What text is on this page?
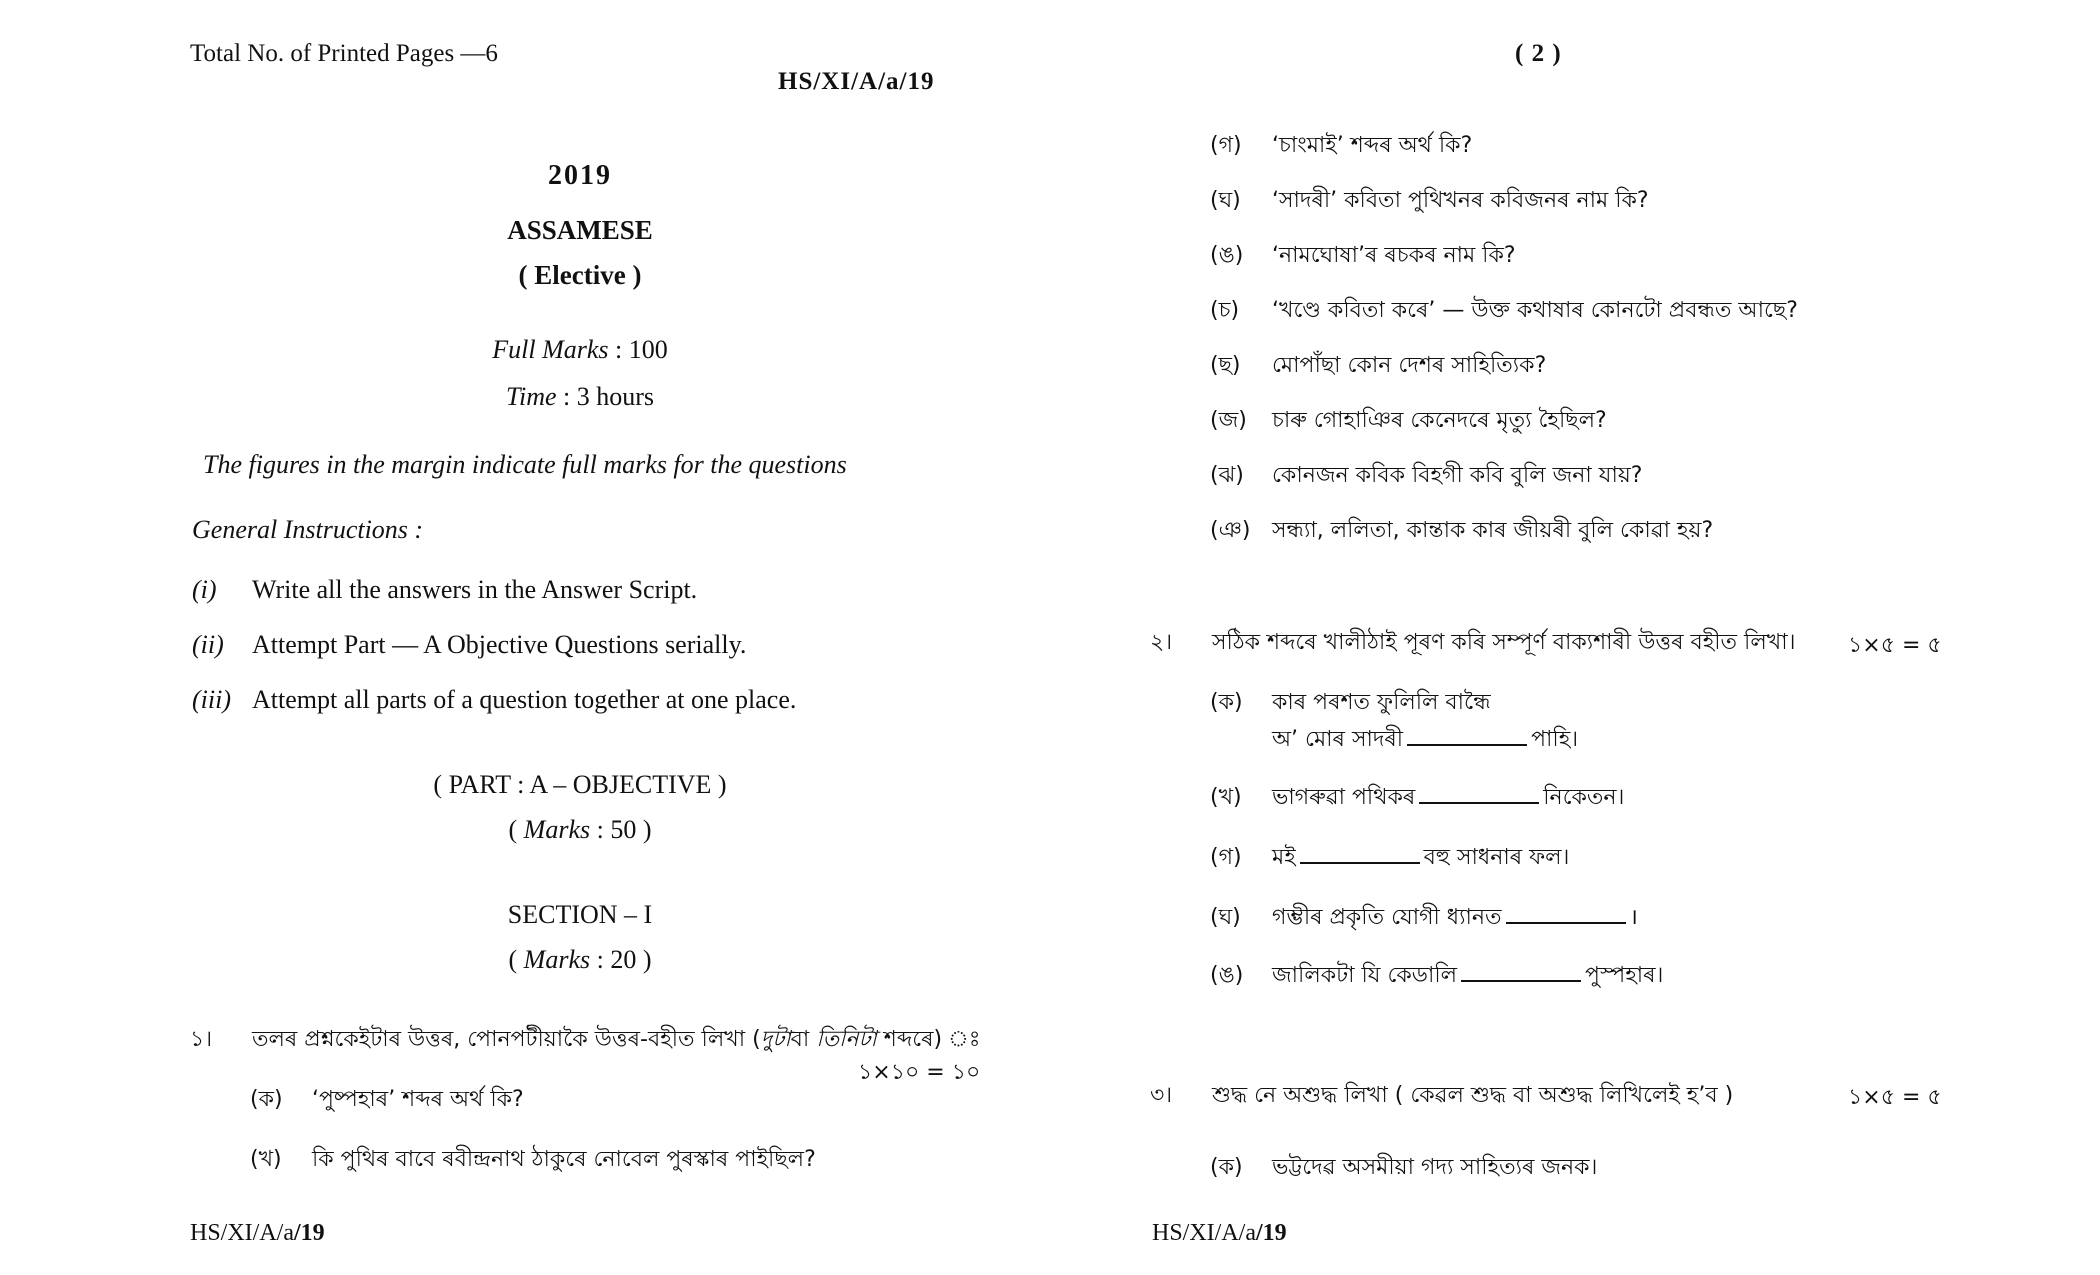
Total No. of Printed Pages —6
HS/XI/A/a/19
2019
ASSAMESE
( Elective )
Full Marks : 100
Time : 3 hours
The figures in the margin indicate full marks for the questions
General Instructions :
(i) Write all the answers in the Answer Script.
(ii) Attempt Part — A Objective Questions serially.
(iii) Attempt all parts of a question together at one place.
( PART : A – OBJECTIVE )
( Marks : 50 )
SECTION – I
( Marks : 20 )
১। তলৰ প্ৰশ্নকেইটাৰ উত্তৰ, পোনপটীয়াকৈ উত্তৰ-বহীত লিখা (দুটাবা তিনিটা শব্দৰে) ঃ
১×১০ = ১০
(ক) ‘পুষ্পহাৰ’ শব্দৰ অৰ্থ কি?
(খ) কি পুথিৰ বাবে ৰবীন্দ্ৰনাথ ঠাকুৰে নোবেল পুৰস্কাৰ পাইছিল?
HS/XI/A/a/19
( 2 )
(গ) ‘চাংমাই’ শব্দৰ অৰ্থ কি?
(ঘ) ‘সাদৰী’ কবিতা পুথিখনৰ কবিজনৰ নাম কি?
(ঙ) ‘নামঘোষা’ৰ ৰচকৰ নাম কি?
(চ) ‘খণ্ডে কবিতা কৰে’ — উক্ত কথাষাৰ কোনটো প্ৰবন্ধত আছে?
(ছ) মোপাঁছা কোন দেশৰ সাহিত্যিক?
(জ) চাৰু গোহাঞিৰ কেনেদৰে মৃত্যু হৈছিল?
(ঝ) কোনজন কবিক বিহগী কবি বুলি জনা যায়?
(ঞ) সন্ধ্যা, ললিতা, কান্তাক কাৰ জীয়ৰী বুলি কোৱা হয়?
২। সঠিক শব্দৰে খালীঠাই পূৰণ কৰি সম্পূৰ্ণ বাক্যশাৰী উত্তৰ বহীত লিখা। ১×৫ = ৫
(ক) কাৰ পৰশত ফুলিলি বান্ধৈ
অ’ মোৰ সাদৰী	পাহি।
(খ) ভাগৰুৱা পথিকৰ	নিকেতন।
(গ) মই	বহু সাধনাৰ ফল।
(ঘ) গম্ভীৰ প্ৰকৃতি যোগী ধ্যানত	।
(ঙ) জালিকটা যি কেডালি	পুস্পহাৰ।
৩। শুদ্ধ নে অশুদ্ধ লিখা ( কেৱল শুদ্ধ বা অশুদ্ধ লিখিলেই হ’ব )	১×৫ = ৫
(ক) ভট্টদেৱ অসমীয়া গদ্য সাহিত্যৰ জনক।
HS/XI/A/a/19
